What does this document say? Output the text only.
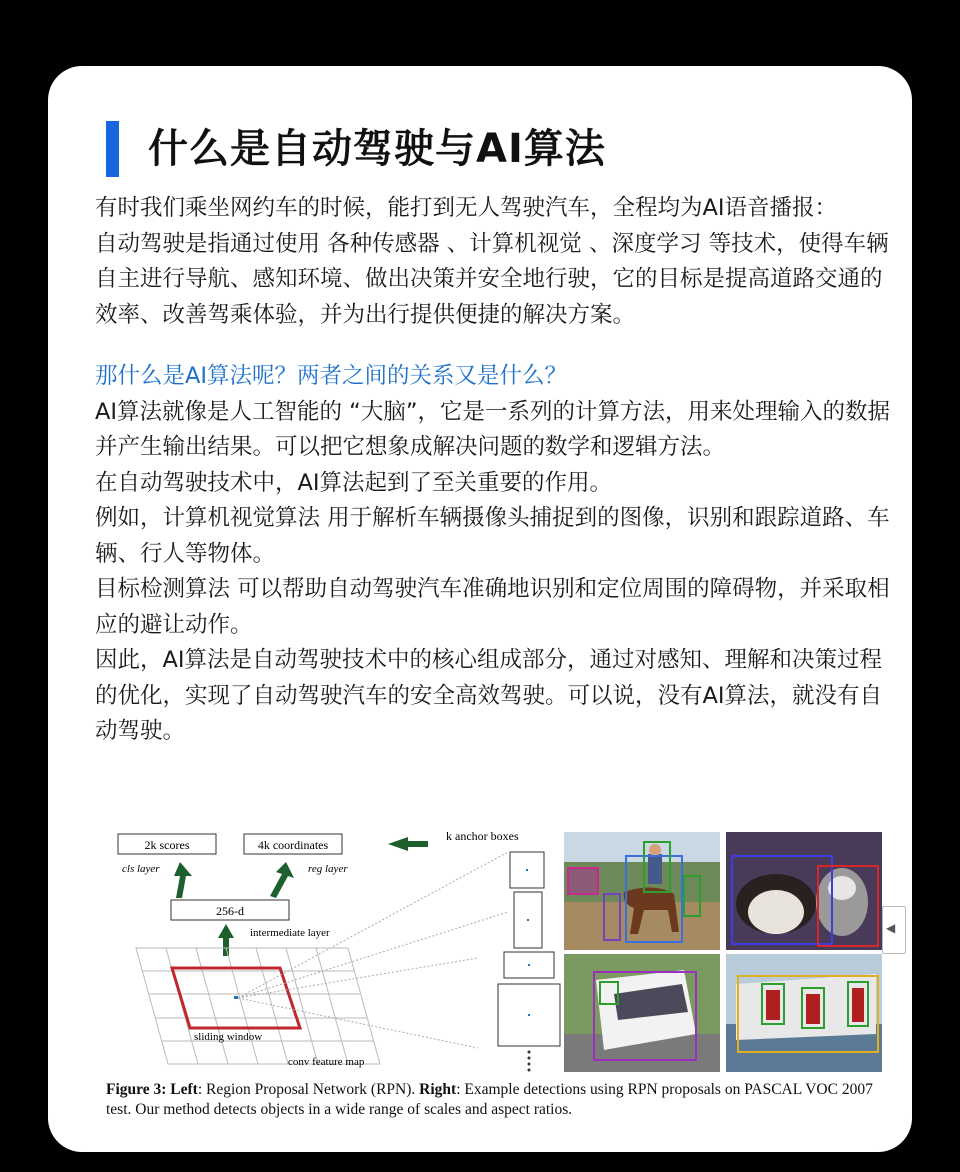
什么是自动驾驶与AI算法

有时我们乘坐网约车的时候，能打到无人驾驶汽车，全程均为AI语音播报：

自动驾驶是指通过使用 各种传感器 、计算机视觉 、深度学习 等技术，使得车辆自主进行导航、感知环境、做出决策并安全地行驶，它的目标是提高道路交通的效率、改善驾乘体验，并为出行提供便捷的解决方案。

那什么是AI算法呢？两者之间的关系又是什么？

AI算法就像是人工智能的 “大脑”，它是一系列的计算方法，用来处理输入的数据并产生输出结果。可以把它想象成解决问题的数学和逻辑方法。

在自动驾驶技术中，AI算法起到了至关重要的作用。

例如，计算机视觉算法 用于解析车辆摄像头捕捉到的图像，识别和跟踪道路、车辆、行人等物体。

目标检测算法 可以帮助自动驾驶汽车准确地识别和定位周围的障碍物，并采取相应的避让动作。

因此，AI算法是自动驾驶技术中的核心组成部分，通过对感知、理解和决策过程的优化，实现了自动驾驶汽车的安全高效驾驶。可以说，没有AI算法，就没有自动驾驶。

2k scores	4k coordinates
cls layer	reg layer
256-d
intermediate layer
sliding window
conv feature map
k anchor boxes
Figure 3: Left: Region Proposal Network (RPN). Right: Example detections using RPN proposals on PASCAL VOC 2007 test. Our method detects objects in a wide range of scales and aspect ratios.
◀
